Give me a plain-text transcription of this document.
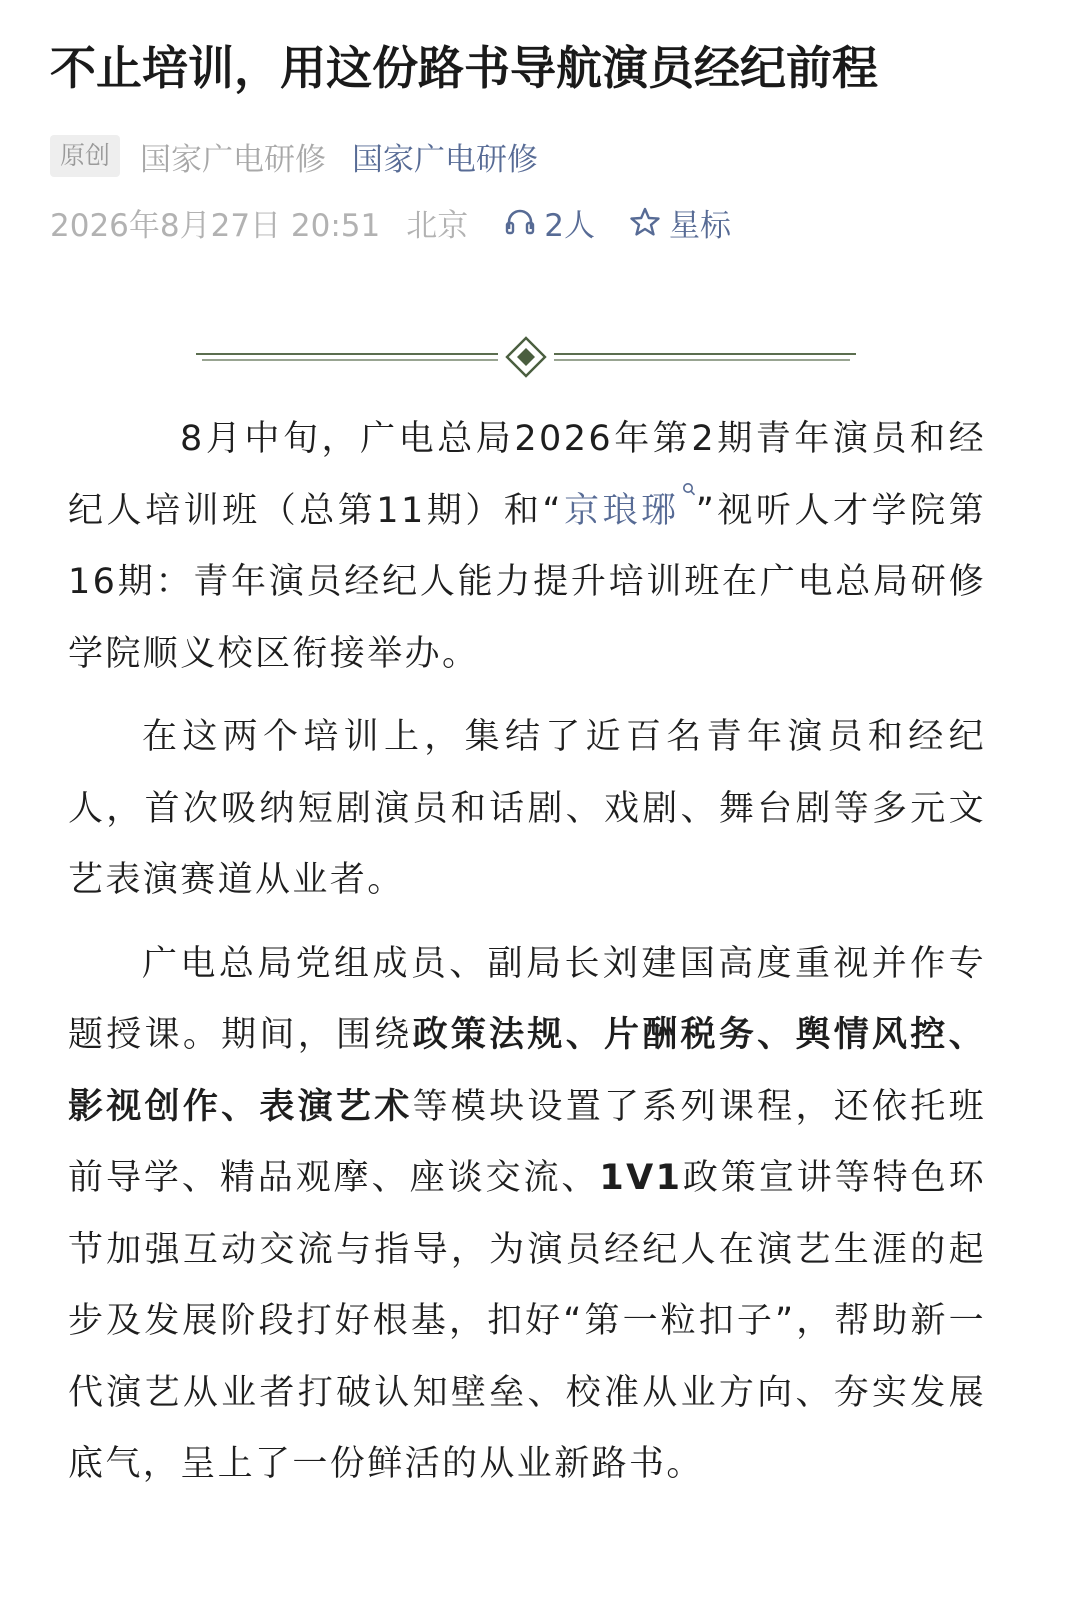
不止培训，用这份路书导航演员经纪前程
原创 国家广电研修 国家广电研修
2026年8月27日 20:51 北京 2人 星标

8月中旬，广电总局2026年第2期青年演员和经纪人培训班（总第11期）和“京琅琊 ”视听人才学院第16期：青年演员经纪人能力提升培训班在广电总局研修学院顺义校区衔接举办。

在这两个培训上，集结了近百名青年演员和经纪人，首次吸纳短剧演员和话剧、戏剧、舞台剧等多元文艺表演赛道从业者。

广电总局党组成员、副局长刘建国高度重视并作专题授课。期间，围绕政策法规、片酬税务、舆情风控、影视创作、表演艺术等模块设置了系列课程，还依托班前导学、精品观摩、座谈交流、1V1政策宣讲等特色环节加强互动交流与指导，为演员经纪人在演艺生涯的起步及发展阶段打好根基，扣好“第一粒扣子”，帮助新一代演艺从业者打破认知壁垒、校准从业方向、夯实发展底气，呈上了一份鲜活的从业新路书。
